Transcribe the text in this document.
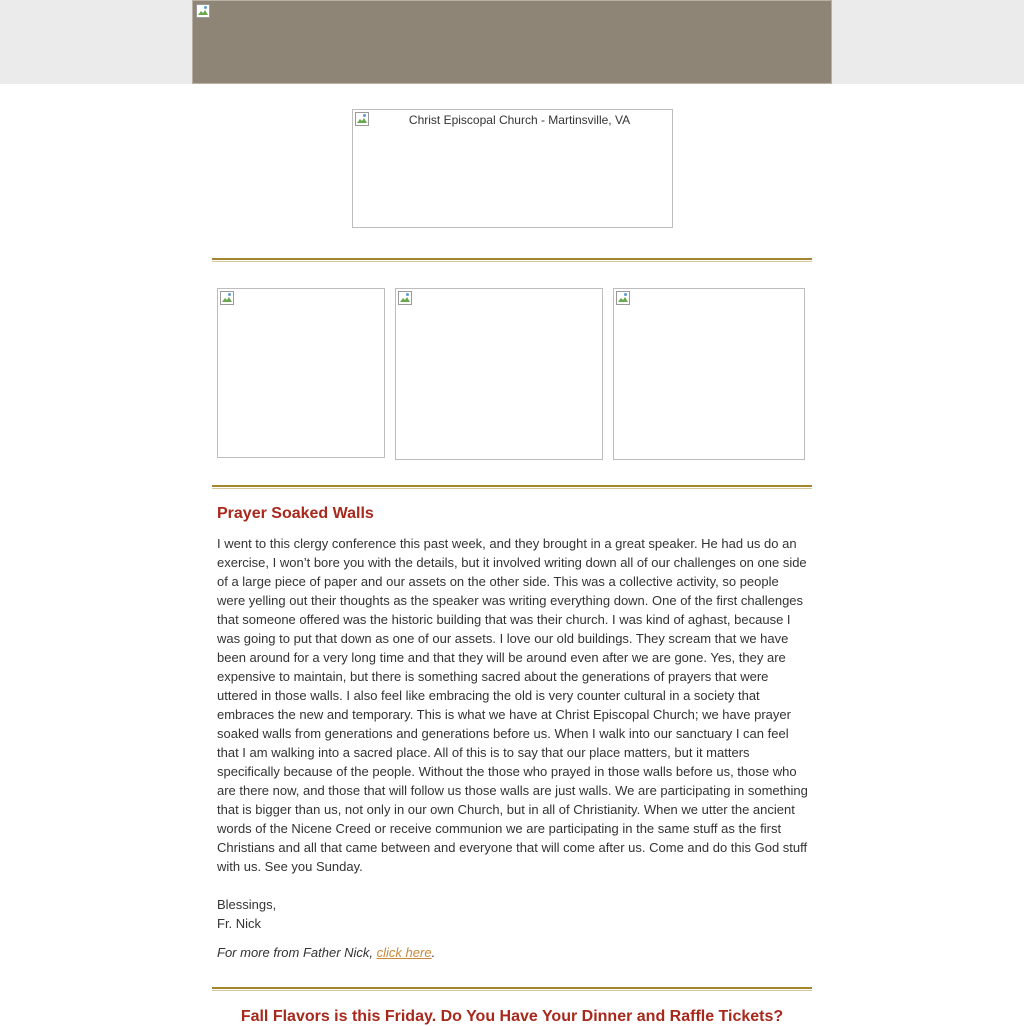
Christ Episcopal Church - Martinsville, VA
Prayer Soaked Walls

I went to this clergy conference this past week, and they brought in a great speaker. He had us do an exercise, I won’t bore you with the details, but it involved writing down all of our challenges on one side of a large piece of paper and our assets on the other side. This was a collective activity, so people were yelling out their thoughts as the speaker was writing everything down. One of the first challenges that someone offered was the historic building that was their church. I was kind of aghast, because I was going to put that down as one of our assets. I love our old buildings. They scream that we have been around for a very long time and that they will be around even after we are gone. Yes, they are expensive to maintain, but there is something sacred about the generations of prayers that were uttered in those walls. I also feel like embracing the old is very counter cultural in a society that embraces the new and temporary. This is what we have at Christ Episcopal Church; we have prayer soaked walls from generations and generations before us. When I walk into our sanctuary I can feel that I am walking into a sacred place. All of this is to say that our place matters, but it matters specifically because of the people. Without the those who prayed in those walls before us, those who are there now, and those that will follow us those walls are just walls. We are participating in something that is bigger than us, not only in our own Church, but in all of Christianity. When we utter the ancient words of the Nicene Creed or receive communion we are participating in the same stuff as the first Christians and all that came between and everyone that will come after us. Come and do this God stuff with us. See you Sunday.

Blessings,
Fr. Nick
For more from Father Nick, click here.
Fall Flavors is this Friday. Do You Have Your Dinner and Raffle Tickets?
